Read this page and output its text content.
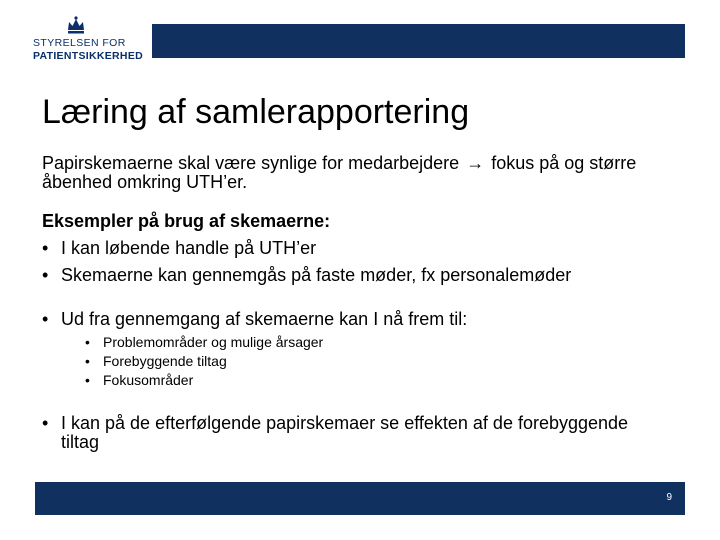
STYRELSEN FOR
PATIENTSIKKERHED
Læring af samlerapportering
Papirskemaerne skal være synlige for medarbejdere → fokus på og større åbenhed omkring UTH’er.
Eksempler på brug af skemaerne:
• I kan løbende handle på UTH’er
• Skemaerne kan gennemgås på faste møder, fx personalemøder
• Ud fra gennemgang af skemaerne kan I nå frem til:
• Problemområder og mulige årsager
• Forebyggende tiltag
• Fokusområder
• I kan på de efterfølgende papirskemaer se effekten af de forebyggende tiltag
9
